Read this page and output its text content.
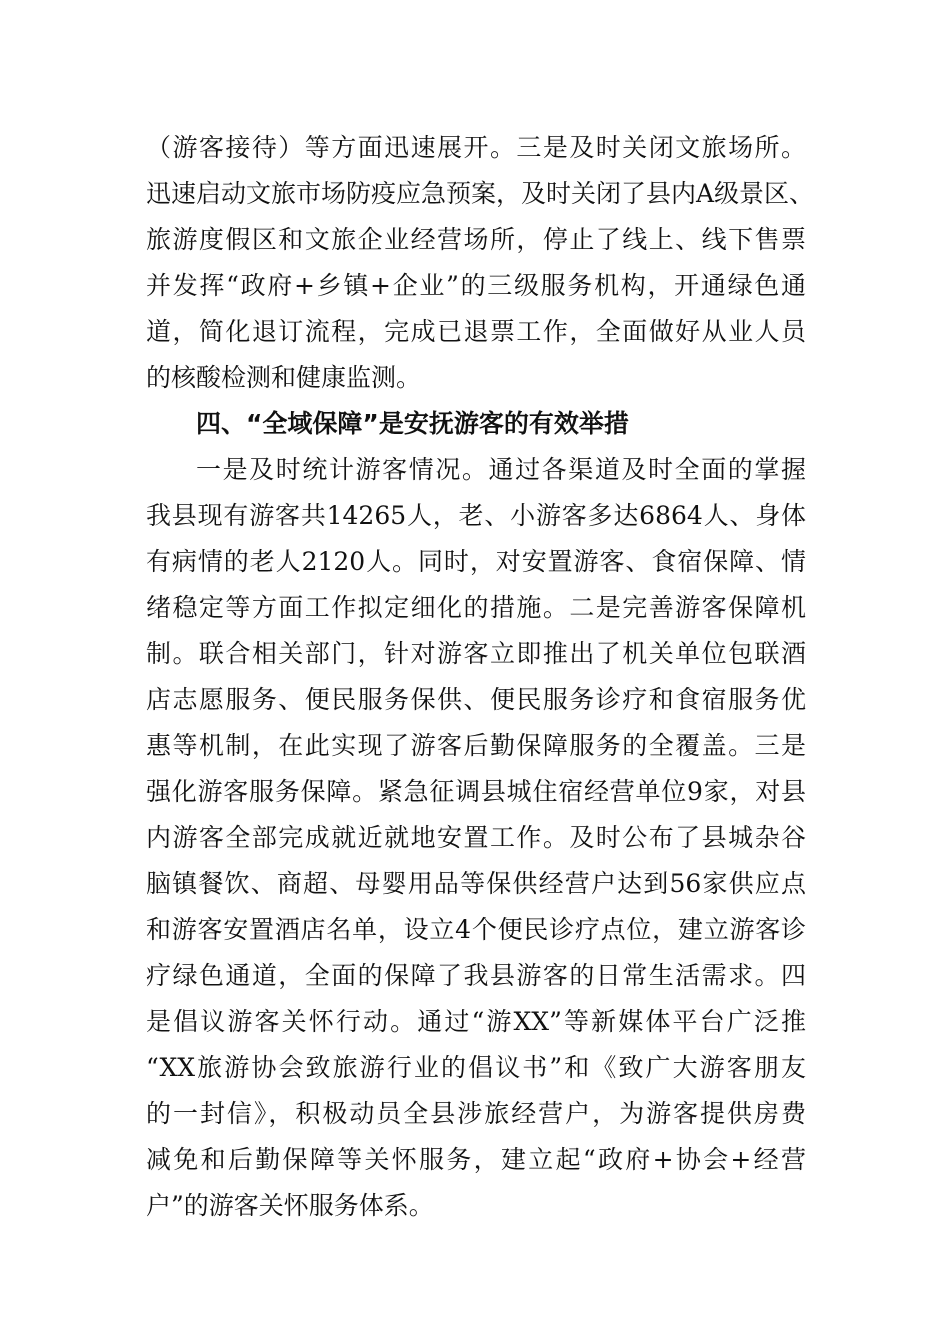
（游客接待）等方面迅速展开。三是及时关闭文旅场所。
迅速启动文旅市场防疫应急预案，及时关闭了县内A级景区、
旅游度假区和文旅企业经营场所，停止了线上、线下售票
并发挥“政府+乡镇+企业”的三级服务机构，开通绿色通
道，简化退订流程，完成已退票工作，全面做好从业人员
的核酸检测和健康监测。
四、“全域保障”是安抚游客的有效举措
一是及时统计游客情况。通过各渠道及时全面的掌握
我县现有游客共14265人，老、小游客多达6864人、身体
有病情的老人2120人。同时，对安置游客、食宿保障、情
绪稳定等方面工作拟定细化的措施。二是完善游客保障机
制。联合相关部门，针对游客立即推出了机关单位包联酒
店志愿服务、便民服务保供、便民服务诊疗和食宿服务优
惠等机制，在此实现了游客后勤保障服务的全覆盖。三是
强化游客服务保障。紧急征调县城住宿经营单位9家，对县
内游客全部完成就近就地安置工作。及时公布了县城杂谷
脑镇餐饮、商超、母婴用品等保供经营户达到56家供应点
和游客安置酒店名单，设立4个便民诊疗点位，建立游客诊
疗绿色通道，全面的保障了我县游客的日常生活需求。四
是倡议游客关怀行动。通过“游XX”等新媒体平台广泛推
“XX旅游协会致旅游行业的倡议书”和《致广大游客朋友
的一封信》，积极动员全县涉旅经营户，为游客提供房费
减免和后勤保障等关怀服务，建立起“政府+协会+经营
户”的游客关怀服务体系。
